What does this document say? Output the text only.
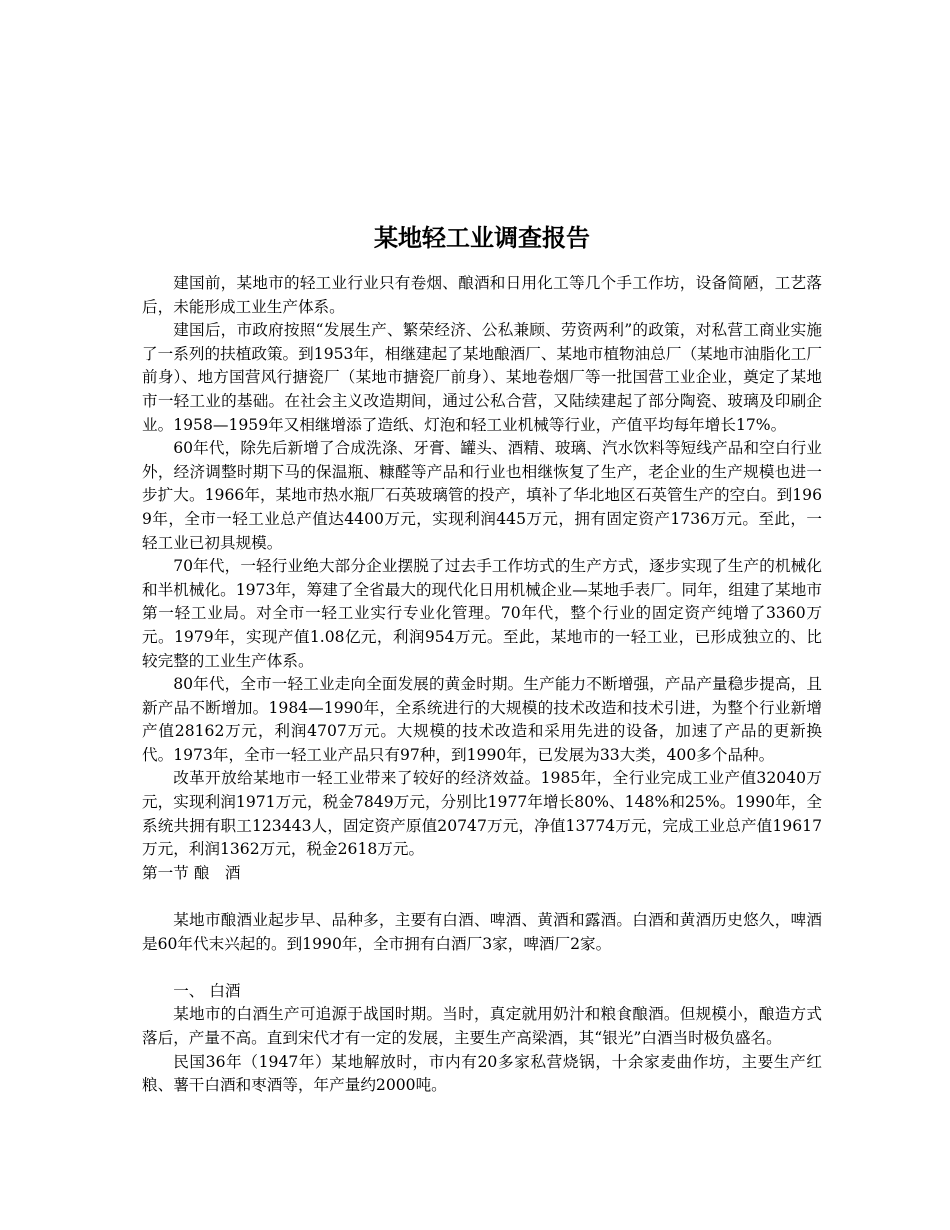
某地轻工业调查报告

建国前，某地市的轻工业行业只有卷烟、酿酒和日用化工等几个手工作坊，设备简陋，工艺落后，未能形成工业生产体系。

建国后，市政府按照“发展生产、繁荣经济、公私兼顾、劳资两利”的政策，对私营工商业实施了一系列的扶植政策。到1953年，相继建起了某地酿酒厂、某地市植物油总厂（某地市油脂化工厂前身）、地方国营风行搪瓷厂（某地市搪瓷厂前身）、某地卷烟厂等一批国营工业企业，奠定了某地市一轻工业的基础。在社会主义改造期间，通过公私合营，又陆续建起了部分陶瓷、玻璃及印刷企业。1958—1959年又相继增添了造纸、灯泡和轻工业机械等行业，产值平均每年增长17%。

60年代，除先后新增了合成洗涤、牙膏、罐头、酒精、玻璃、汽水饮料等短线产品和空白行业外，经济调整时期下马的保温瓶、糠醛等产品和行业也相继恢复了生产，老企业的生产规模也进一步扩大。1966年，某地市热水瓶厂石英玻璃管的投产，填补了华北地区石英管生产的空白。到1969年，全市一轻工业总产值达4400万元，实现利润445万元，拥有固定资产1736万元。至此，一轻工业已初具规模。

70年代，一轻行业绝大部分企业摆脱了过去手工作坊式的生产方式，逐步实现了生产的机械化和半机械化。1973年，筹建了全省最大的现代化日用机械企业—某地手表厂。同年，组建了某地市第一轻工业局。对全市一轻工业实行专业化管理。70年代，整个行业的固定资产纯增了3360万元。1979年，实现产值1.08亿元，利润954万元。至此，某地市的一轻工业，已形成独立的、比较完整的工业生产体系。

80年代，全市一轻工业走向全面发展的黄金时期。生产能力不断增强，产品产量稳步提高，且新产品不断增加。1984—1990年，全系统进行的大规模的技术改造和技术引进，为整个行业新增产值28162万元，利润4707万元。大规模的技术改造和采用先进的设备，加速了产品的更新换代。1973年，全市一轻工业产品只有97种，到1990年，已发展为33大类，400多个品种。

改革开放给某地市一轻工业带来了较好的经济效益。1985年，全行业完成工业产值32040万元，实现利润1971万元，税金7849万元，分别比1977年增长80%、148%和25%。1990年，全系统共拥有职工123443人，固定资产原值20747万元，净值13774万元，完成工业总产值19617万元，利润1362万元，税金2618万元。

第一节 酿　酒

某地市酿酒业起步早、品种多，主要有白酒、啤酒、黄酒和露酒。白酒和黄酒历史悠久，啤酒是60年代末兴起的。到1990年，全市拥有白酒厂3家，啤酒厂2家。

一、 白酒

某地市的白酒生产可追源于战国时期。当时，真定就用奶汁和粮食酿酒。但规模小，酿造方式落后，产量不高。直到宋代才有一定的发展，主要生产高梁酒，其“银光”白酒当时极负盛名。

民国36年（1947年）某地解放时，市内有20多家私营烧锅，十余家麦曲作坊，主要生产红粮、薯干白酒和枣酒等，年产量约2000吨。
